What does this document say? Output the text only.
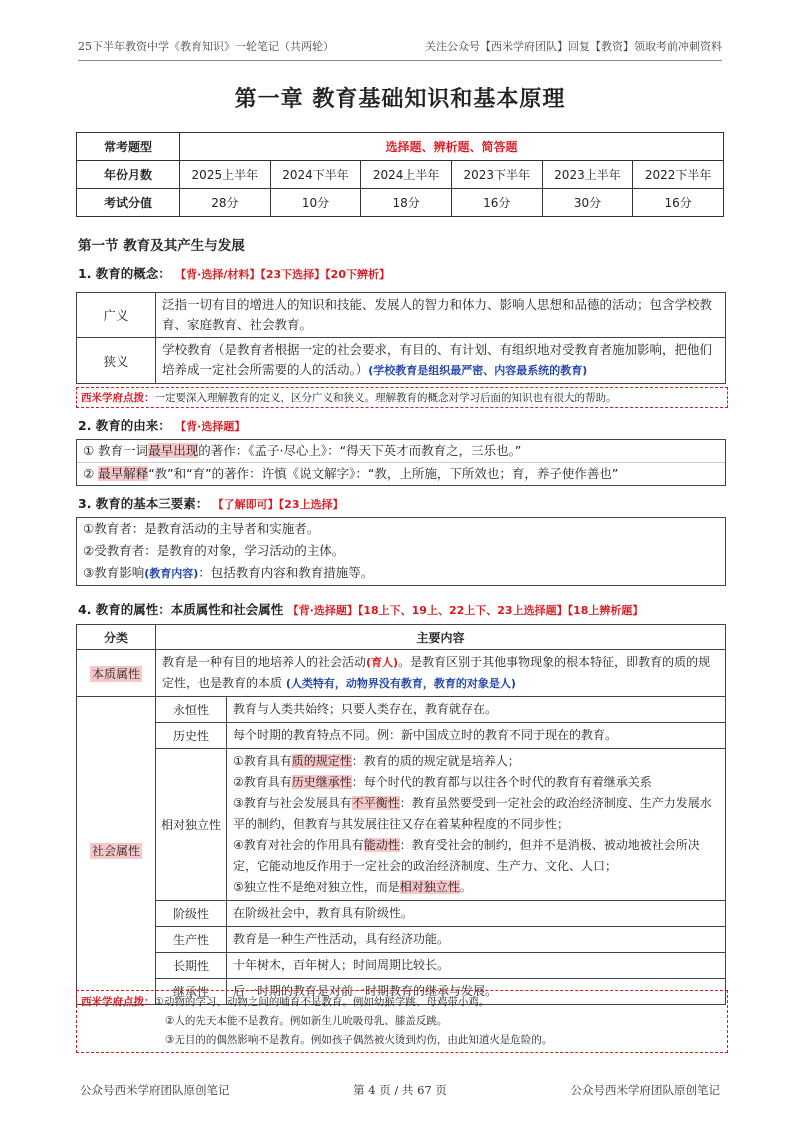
25下半年教资中学《教育知识》一轮笔记（共两轮）	关注公众号【西米学府团队】回复【教资】领取考前冲刺资料
第一章 教育基础知识和基本原理
常考题型	选择题、辨析题、简答题					
年份月数	2025上半年	2024下半年	2024上半年	2023下半年	2023上半年	2022下半年
考试分值	28分	10分	18分	16分	30分	16分
第一节 教育及其产生与发展
1. 教育的概念： 【背·选择/材料】【23下选择】【20下辨析】
广义	泛指一切有目的增进人的知识和技能、发展人的智力和体力、影响人思想和品德的活动；包含学校教育、家庭教育、社会教育。
狭义	学校教育（是教育者根据一定的社会要求，有目的、有计划、有组织地对受教育者施加影响，把他们培养成一定社会所需要的人的活动。）(学校教育是组织最严密、内容最系统的教育)
西米学府点拨：一定要深入理解教育的定义，区分广义和狭义。理解教育的概念对学习后面的知识也有很大的帮助。
2. 教育的由来： 【背·选择题】
① 教育一词最早出现的著作：《孟子·尽心上》：“得天下英才而教育之，三乐也。”
② 最早解释“教”和“育”的著作：许慎《说文解字》：“教，上所施，下所效也；育，养子使作善也”
3. 教育的基本三要素： 【了解即可】【23上选择】
①教育者：是教育活动的主导者和实施者。
②受教育者：是教育的对象，学习活动的主体。
③教育影响(教育内容)：包括教育内容和教育措施等。
4. 教育的属性：本质属性和社会属性 【背·选择题】【18上下、19上、22上下、23上选择题】【18上辨析题】
分类	主要内容	
本质属性	教育是一种有目的地培养人的社会活动(育人)。是教育区别于其他事物现象的根本特征，即教育的质的规定性，也是教育的本质 (人类特有，动物界没有教育，教育的对象是人)	
社会属性	永恒性	教育与人类共始终；只要人类存在，教育就存在。
	历史性	每个时期的教育特点不同。例：新中国成立时的教育不同于现在的教育。
	相对独立性	①教育具有质的规定性：教育的质的规定就是培养人；
②教育具有历史继承性：每个时代的教育都与以往各个时代的教育有着继承关系
③教育与社会发展具有不平衡性：教育虽然要受到一定社会的政治经济制度、生产力发展水平的制约，但教育与其发展往往又存在着某种程度的不同步性；
④教育对社会的作用具有能动性：教育受社会的制约，但并不是消极、被动地被社会所决定，它能动地反作用于一定社会的政治经济制度、生产力、文化、人口；
⑤独立性不是绝对独立性，而是相对独立性。

	阶级性	在阶级社会中，教育具有阶级性。
	生产性	教育是一种生产性活动，具有经济功能。
	长期性	十年树木，百年树人；时间周期比较长。
	继承性	后一时期的教育是对前一时期教育的继承与发展。
西米学府点拨：①动物的学习、动物之间的哺育不是教育。例如幼猴学跳、母鸡带小鸡。
②人的先天本能不是教育。例如新生儿吮吸母乳、膝盖反跳。
③无目的的偶然影响不是教育。例如孩子偶然被火烫到灼伤，由此知道火是危险的。
公众号西米学府团队原创笔记	第 4 页 / 共 67 页	公众号西米学府团队原创笔记
